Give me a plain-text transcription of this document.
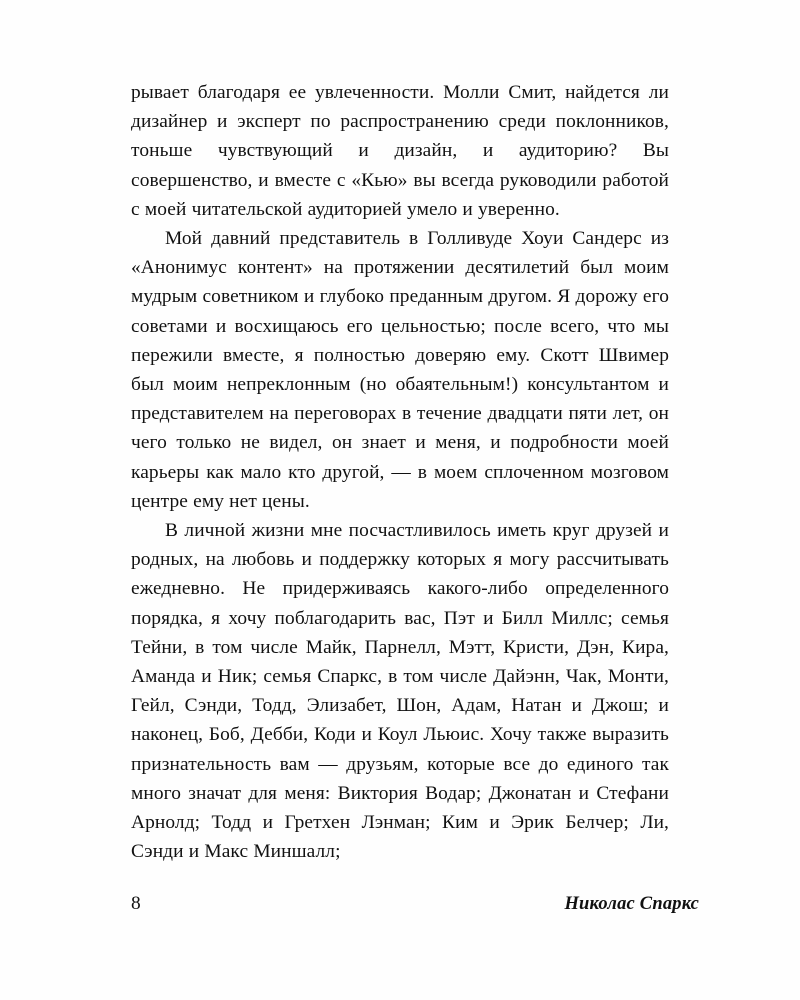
рывает благодаря ее увлеченности. Молли Смит, найдется ли дизайнер и эксперт по распространению среди поклонников, тоньше чувствующий и дизайн, и аудиторию? Вы совершенство, и вместе с «Кью» вы всегда руководили работой с моей читательской аудиторией умело и уверенно.

Мой давний представитель в Голливуде Хоуи Сандерс из «Анонимус контент» на протяжении десятилетий был моим мудрым советником и глубоко преданным другом. Я дорожу его советами и восхищаюсь его цельностью; после всего, что мы пережили вместе, я полностью доверяю ему. Скотт Швимер был моим непреклонным (но обаятельным!) консультантом и представителем на переговорах в течение двадцати пяти лет, он чего только не видел, он знает и меня, и подробности моей карьеры как мало кто другой, — в моем сплоченном мозговом центре ему нет цены.

В личной жизни мне посчастливилось иметь круг друзей и родных, на любовь и поддержку которых я могу рассчитывать ежедневно. Не придерживаясь какого-либо определенного порядка, я хочу поблагодарить вас, Пэт и Билл Миллс; семья Тейни, в том числе Майк, Парнелл, Мэтт, Кристи, Дэн, Кира, Аманда и Ник; семья Спаркс, в том числе Дайэнн, Чак, Монти, Гейл, Сэнди, Тодд, Элизабет, Шон, Адам, Натан и Джош; и наконец, Боб, Дебби, Коди и Коул Льюис. Хочу также выразить признательность вам — друзьям, которые все до единого так много значат для меня: Виктория Водар; Джонатан и Стефани Арнолд; Тодд и Гретхен Лэнман; Ким и Эрик Белчер; Ли, Сэнди и Макс Миншалл;

8	Николас Спаркс
